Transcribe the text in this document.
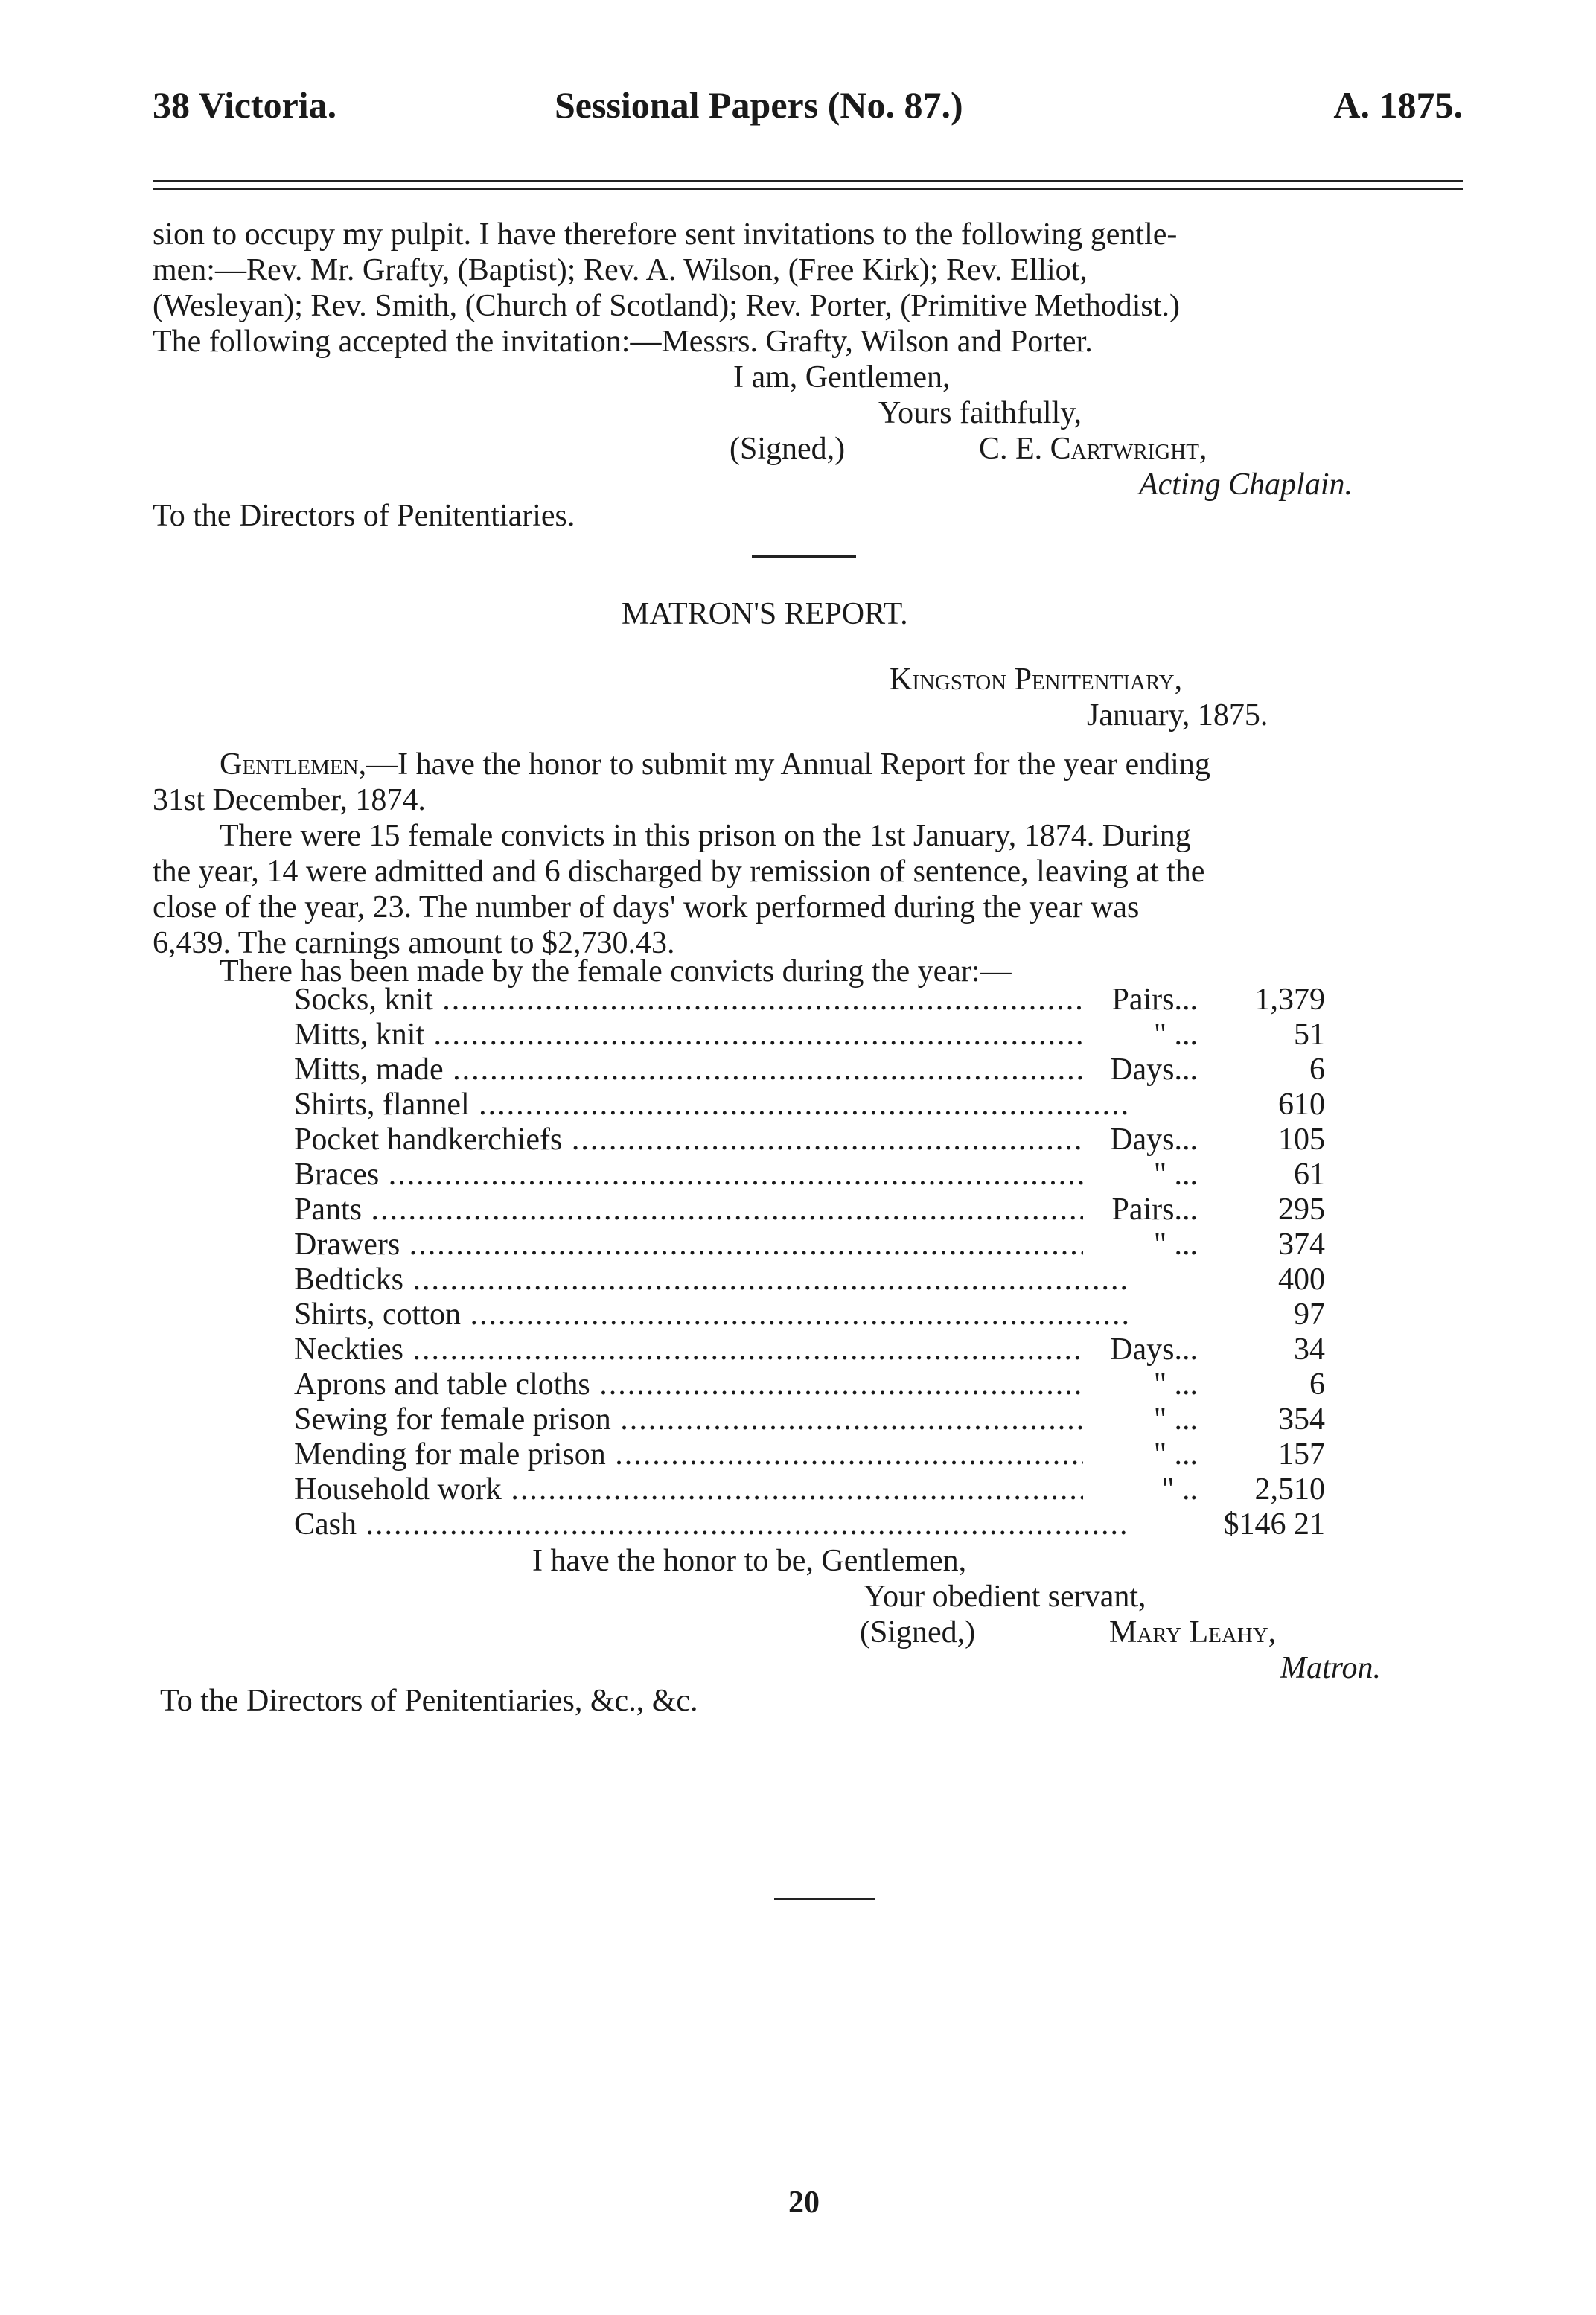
38 Victoria.	Sessional Papers (No. 87.)	A. 1875.
sion to occupy my pulpit. I have therefore sent invitations to the following gentle-
men:—Rev. Mr. Grafty, (Baptist); Rev. A. Wilson, (Free Kirk); Rev. Elliot,
(Wesleyan); Rev. Smith, (Church of Scotland); Rev. Porter, (Primitive Methodist.)
The following accepted the invitation:—Messrs. Grafty, Wilson and Porter.
I am, Gentlemen,
Yours faithfully,
(Signed,)	C. E. Cartwright,
Acting Chaplain.
To the Directors of Penitentiaries.
MATRON'S REPORT.
Kingston Penitentiary,
January, 1875.
Gentlemen,—I have the honor to submit my Annual Report for the year ending
31st December, 1874.
There were 15 female convicts in this prison on the 1st January, 1874. During
the year, 14 were admitted and 6 discharged by remission of sentence, leaving at the
close of the year, 23. The number of days' work performed during the year was
6,439. The carnings amount to $2,730.43.
There has been made by the female convicts during the year:—
Socks, knit .....	Pairs...	1,379
Mitts, knit .....	" ...	51
Mitts, made .....	Days...	6
Shirts, flannel .....	610
Pocket handkerchiefs .....	Days...	105
Braces .....	" ...	61
Pants .....	Pairs...	295
Drawers .....	" ...	374
Bedticks .....	400
Shirts, cotton .....	97
Neckties .....	Days...	34
Aprons and table cloths .....	" ...	6
Sewing for female prison .....	" ...	354
Mending for male prison .....	" ...	157
Household work .....	" ..	2,510
Cash .....	$146 21
I have the honor to be, Gentlemen,
Your obedient servant,
(Signed,)	Mary Leahy,
Matron.
To the Directors of Penitentiaries, &c., &c.
20
